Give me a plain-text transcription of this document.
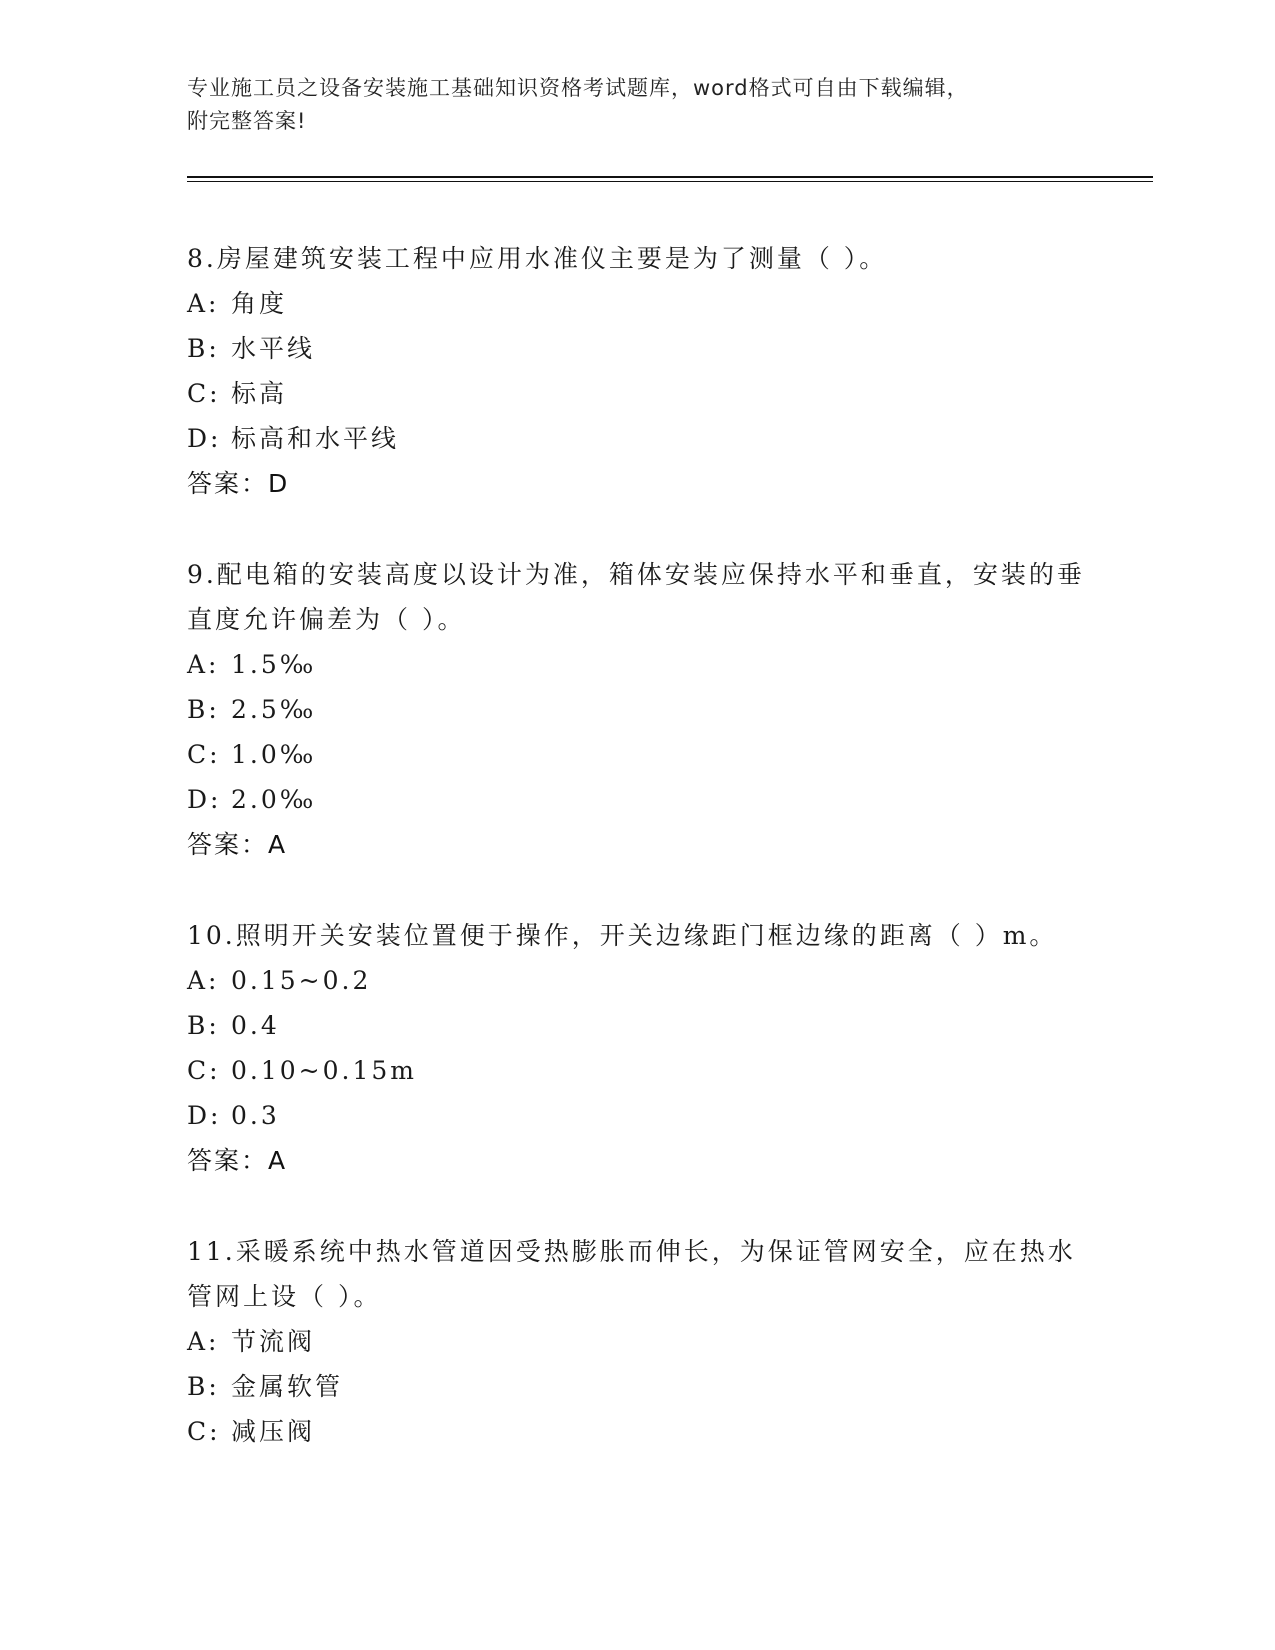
专业施工员之设备安装施工基础知识资格考试题库，word格式可自由下载编辑，
附完整答案!

8.房屋建筑安装工程中应用水准仪主要是为了测量（ ）。

A: 角度
B: 水平线
C: 标高
D: 标高和水平线
答案：D

9.配电箱的安装高度以设计为准，箱体安装应保持水平和垂直，安装的垂直度允许偏差为（ ）。

A: 1.5‰
B: 2.5‰
C: 1.0‰
D: 2.0‰
答案：A

10.照明开关安装位置便于操作，开关边缘距门框边缘的距离（ ）m。

A: 0.15~0.2
B: 0.4
C: 0.10~0.15m
D: 0.3
答案：A

11.采暖系统中热水管道因受热膨胀而伸长，为保证管网安全，应在热水管网上设（ ）。

A: 节流阀
B: 金属软管
C: 减压阀
